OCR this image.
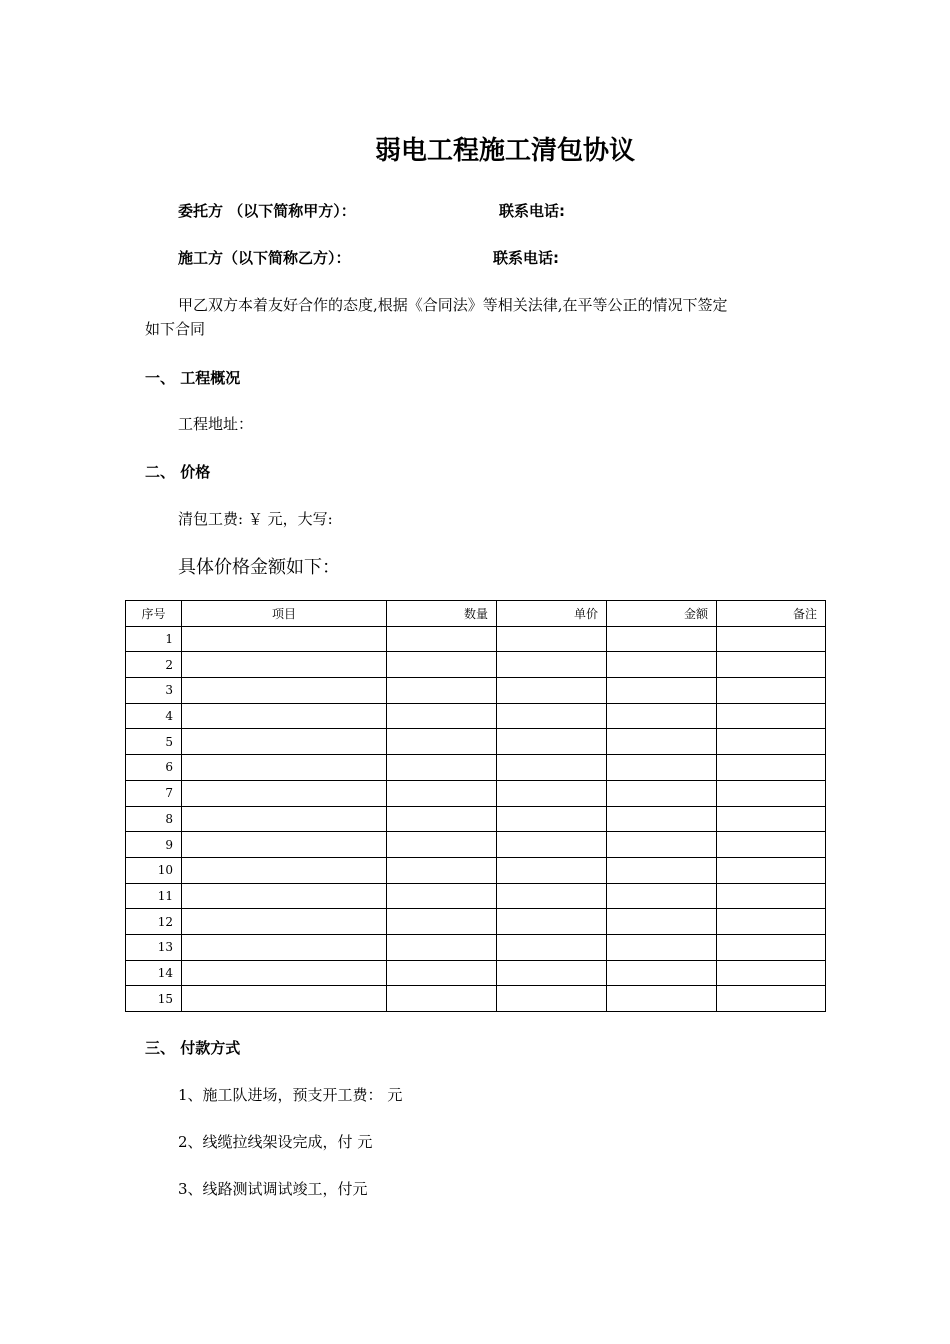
弱电工程施工清包协议
委托方 （以下简称甲方）：	联系电话:
施工方（以下简称乙方）：	联系电话:
甲乙双方本着友好合作的态度,根据《合同法》等相关法律,在平等公正的情况下签定
如下合同
一、 工程概况
工程地址：
二、 价格
清包工费: ￥ 元，大写:
具体价格金额如下：
序号	项目	数量	单价	金额	备注
1					
2					
3					
4					
5					
6					
7					
8					
9					
10					
11					
12					
13					
14					
15					
三、 付款方式
1、施工队进场，预支开工费： 元
2、线缆拉线架设完成，付 元
3、线路测试调试竣工，付元
